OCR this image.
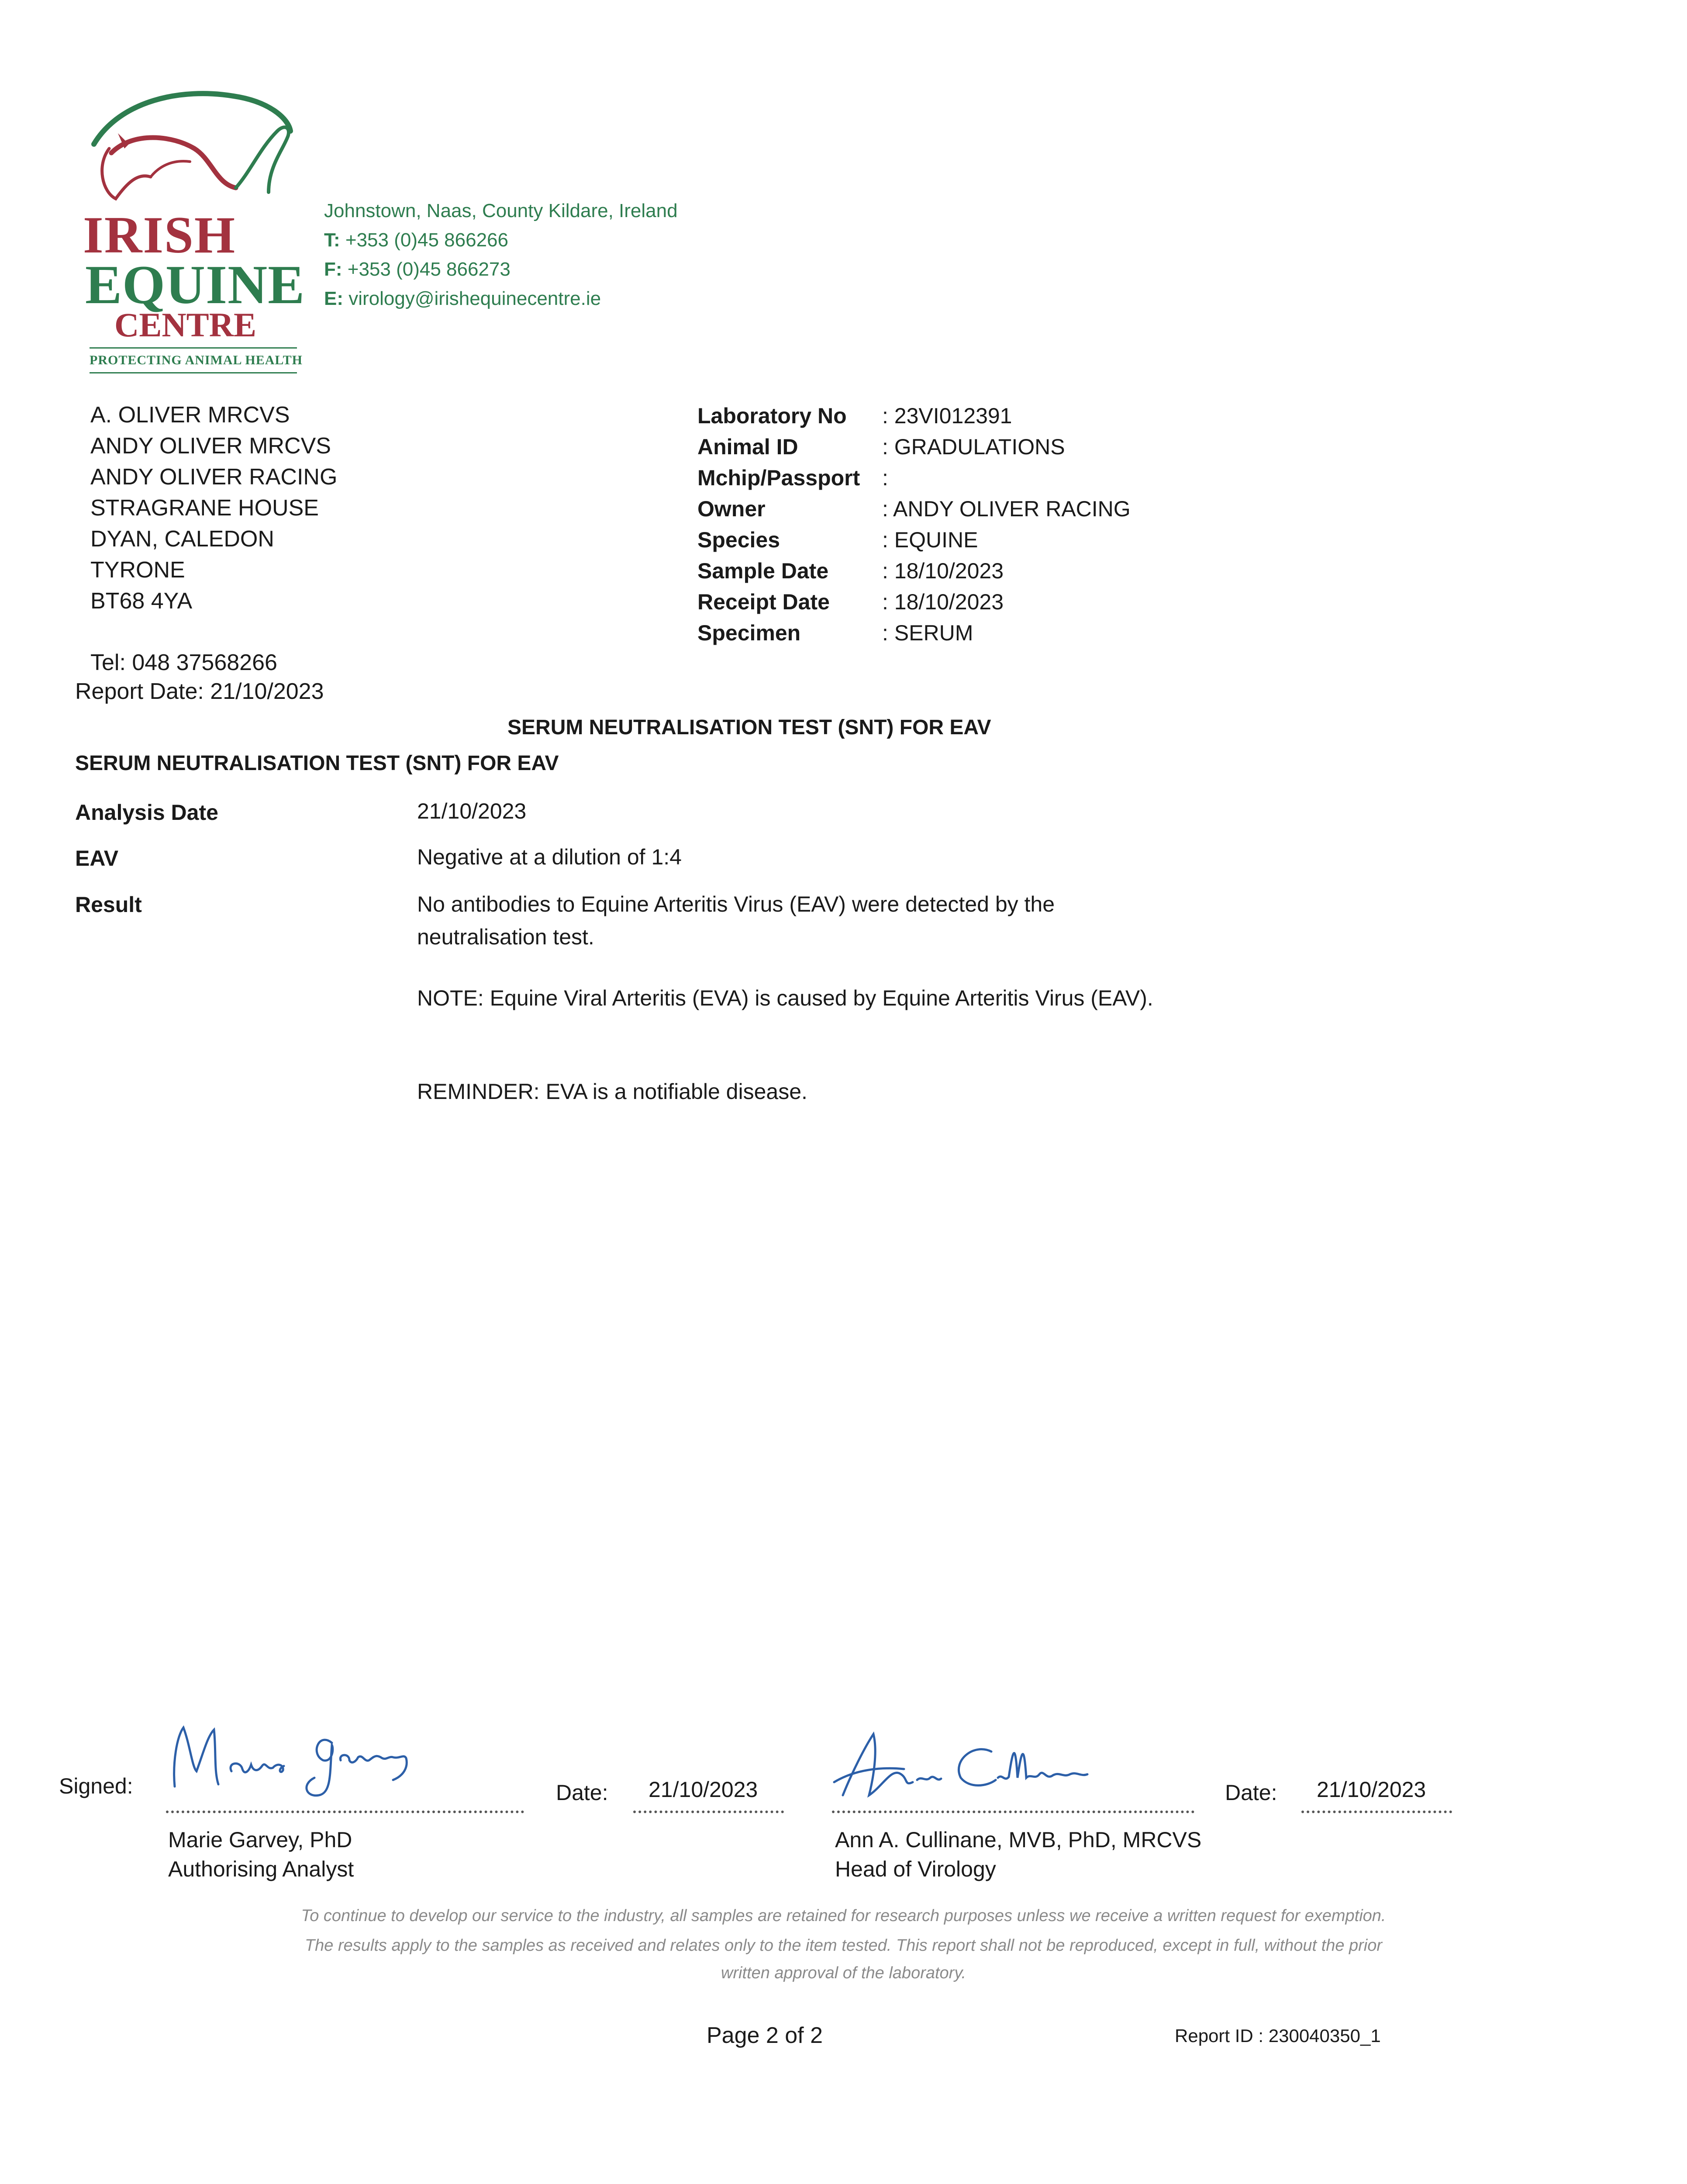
IRISH
EQUINE
CENTRE
PROTECTING ANIMAL HEALTH
Johnstown, Naas, County Kildare, Ireland
T: +353 (0)45 866266
F: +353 (0)45 866273
E: virology@irishequinecentre.ie
A. OLIVER MRCVS
ANDY OLIVER MRCVS
ANDY OLIVER RACING
STRAGRANE HOUSE
DYAN, CALEDON
TYRONE
BT68 4YA
Tel: 048 37568266
Report Date: 21/10/2023
Laboratory No : 23VI012391
Animal ID	: GRADULATIONS
Mchip/Passport :
Owner	: ANDY OLIVER RACING
Species	: EQUINE
Sample Date : 18/10/2023
Receipt Date : 18/10/2023
Specimen	: SERUM
SERUM NEUTRALISATION TEST (SNT) FOR EAV
SERUM NEUTRALISATION TEST (SNT) FOR EAV
Analysis Date	21/10/2023
EAV	Negative at a dilution of 1:4
Result	No antibodies to Equine Arteritis Virus (EAV) were detected by the neutralisation test.
NOTE: Equine Viral Arteritis (EVA) is caused by Equine Arteritis Virus (EAV).
REMINDER: EVA is a notifiable disease.
Signed:	Date: 21/10/2023
Marie Garvey, PhD
Authorising Analyst
Date: 21/10/2023
Ann A. Cullinane, MVB, PhD, MRCVS
Head of Virology
To continue to develop our service to the industry, all samples are retained for research purposes unless we receive a written request for exemption.
The results apply to the samples as received and relates only to the item tested. This report shall not be reproduced, except in full, without the prior
written approval of the laboratory.
Page 2 of 2	Report ID : 230040350_1
